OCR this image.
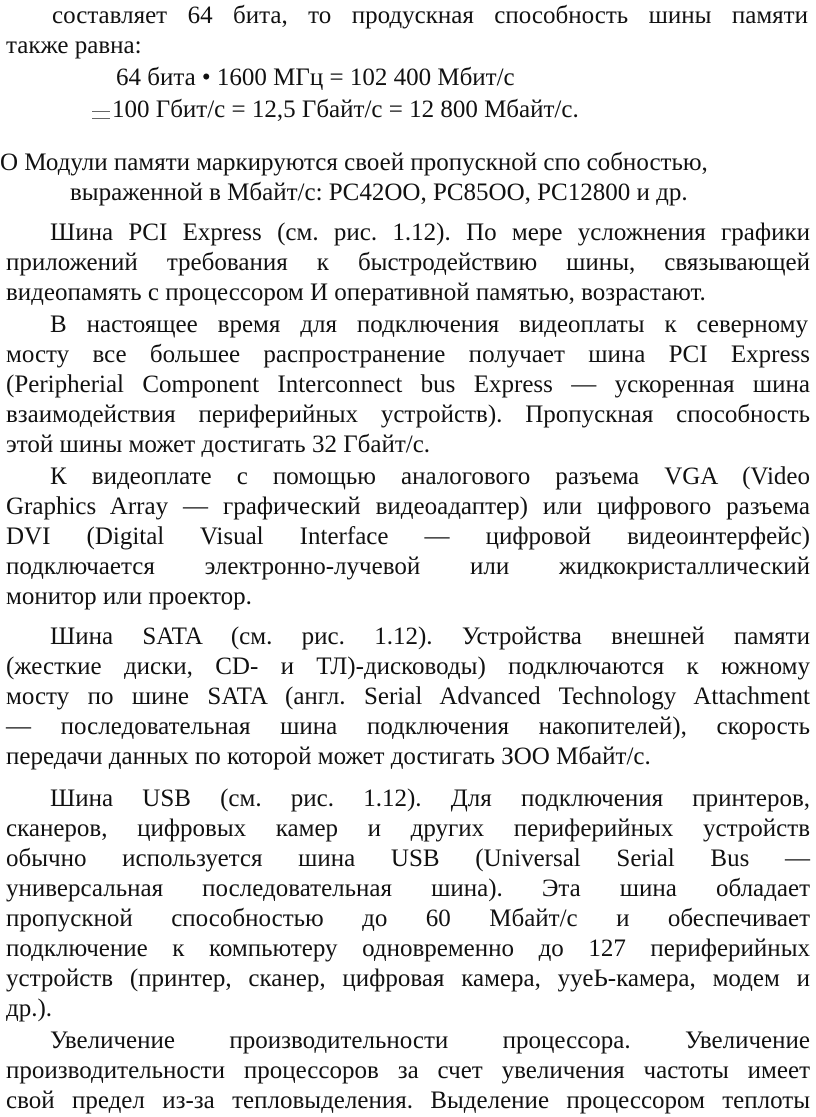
составляет 64 бита, то продускная способность шины памяти
также равна:
64 бита • 1600 МГц = 102 400 Мбит/с
100 Гбит/с = 12,5 Гбайт/с = 12 800 Мбайт/с.
О Модули памяти маркируются своей пропускной спо собностью,
выраженной в Мбайт/с: PC42OO, PC85OO, PC12800 и др.
Шина PCI Express (см. рис. 1.12). По мере усложнения графики
приложений требования к быстродействию шины, связывающей
видеопамять с процессором И оперативной памятью, возрастают.
В настоящее время для подключения видеоплаты к северному
мосту все большее распространение получает шина PCI Express
(Peripherial Component Interconnect bus Express — ускоренная шина
взаимодействия периферийных устройств). Пропускная способность
этой шины может достигать 32 Гбайт/с.
К видеоплате с помощью аналогового разъема VGA (Video
Graphics Array — графический видеоадаптер) или цифрового разъема
DVI (Digital Visual Interface — цифровой видеоинтерфейс)
подключается электронно-лучевой или жидкокристаллический
монитор или проектор.
Шина SATA (см. рис. 1.12). Устройства внешней памяти
(жесткие диски, CD- и ТЛ)-дисководы) подключаются к южному
мосту по шине SATA (англ. Serial Advanced Technology Attachment
— последовательная шина подключения накопителей), скорость
передачи данных по которой может достигать ЗОО Мбайт/с.
Шина USB (см. рис. 1.12). Для подключения принтеров,
сканеров, цифровых камер и других периферийных устройств
обычно используется шина USB (Universal Serial Bus —
универсальная последовательная шина). Эта шина обладает
пропускной способностью до 60 Мбайт/с и обеспечивает
подключение к компьютеру одновременно до 127 периферийных
устройств (принтер, сканер, цифровая камера, ууеЬ-камера, модем и
др.).
Увеличение производительности процессора. Увеличение
производительности процессоров за счет увеличения частоты имеет
свой предел из-за тепловыделения. Выделение процессором теплоты
